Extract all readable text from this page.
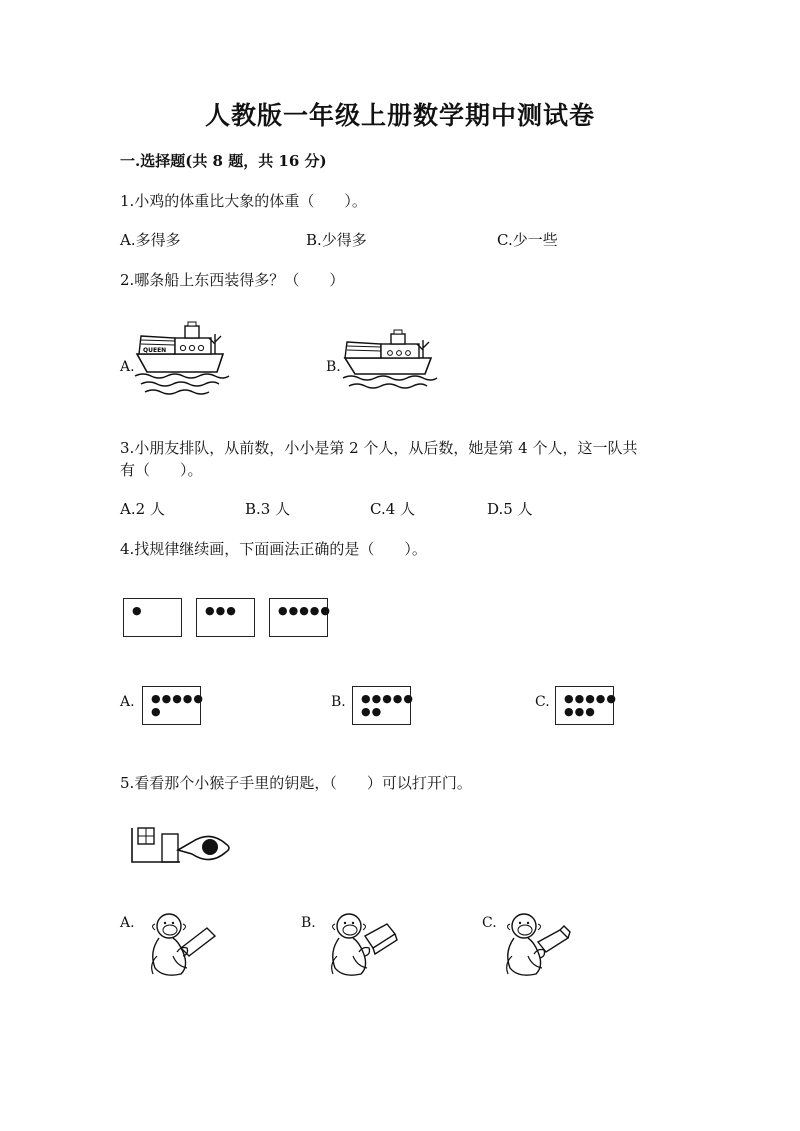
人教版一年级上册数学期中测试卷
一.选择题(共 8 题，共 16 分)
1.小鸡的体重比大象的体重（　　）。
A.多得多	B.少得多	C.少一些
2.哪条船上东西装得多？（　　）
A.	B.
QUEEN
3.小朋友排队，从前数，小小是第 2 个人，从后数，她是第 4 个人，这一队共
有（　　）。
A.2 人	B.3 人	C.4 人	D.5 人
4.找规律继续画，下面画法正确的是（　　）。
●	●●●	●●●●●
A. ●●●●●
●
B. ●●●●●
●●
C. ●●●●●
●●●
5.看看那个小猴子手里的钥匙，（　　）可以打开门。
A.	B.	C.
